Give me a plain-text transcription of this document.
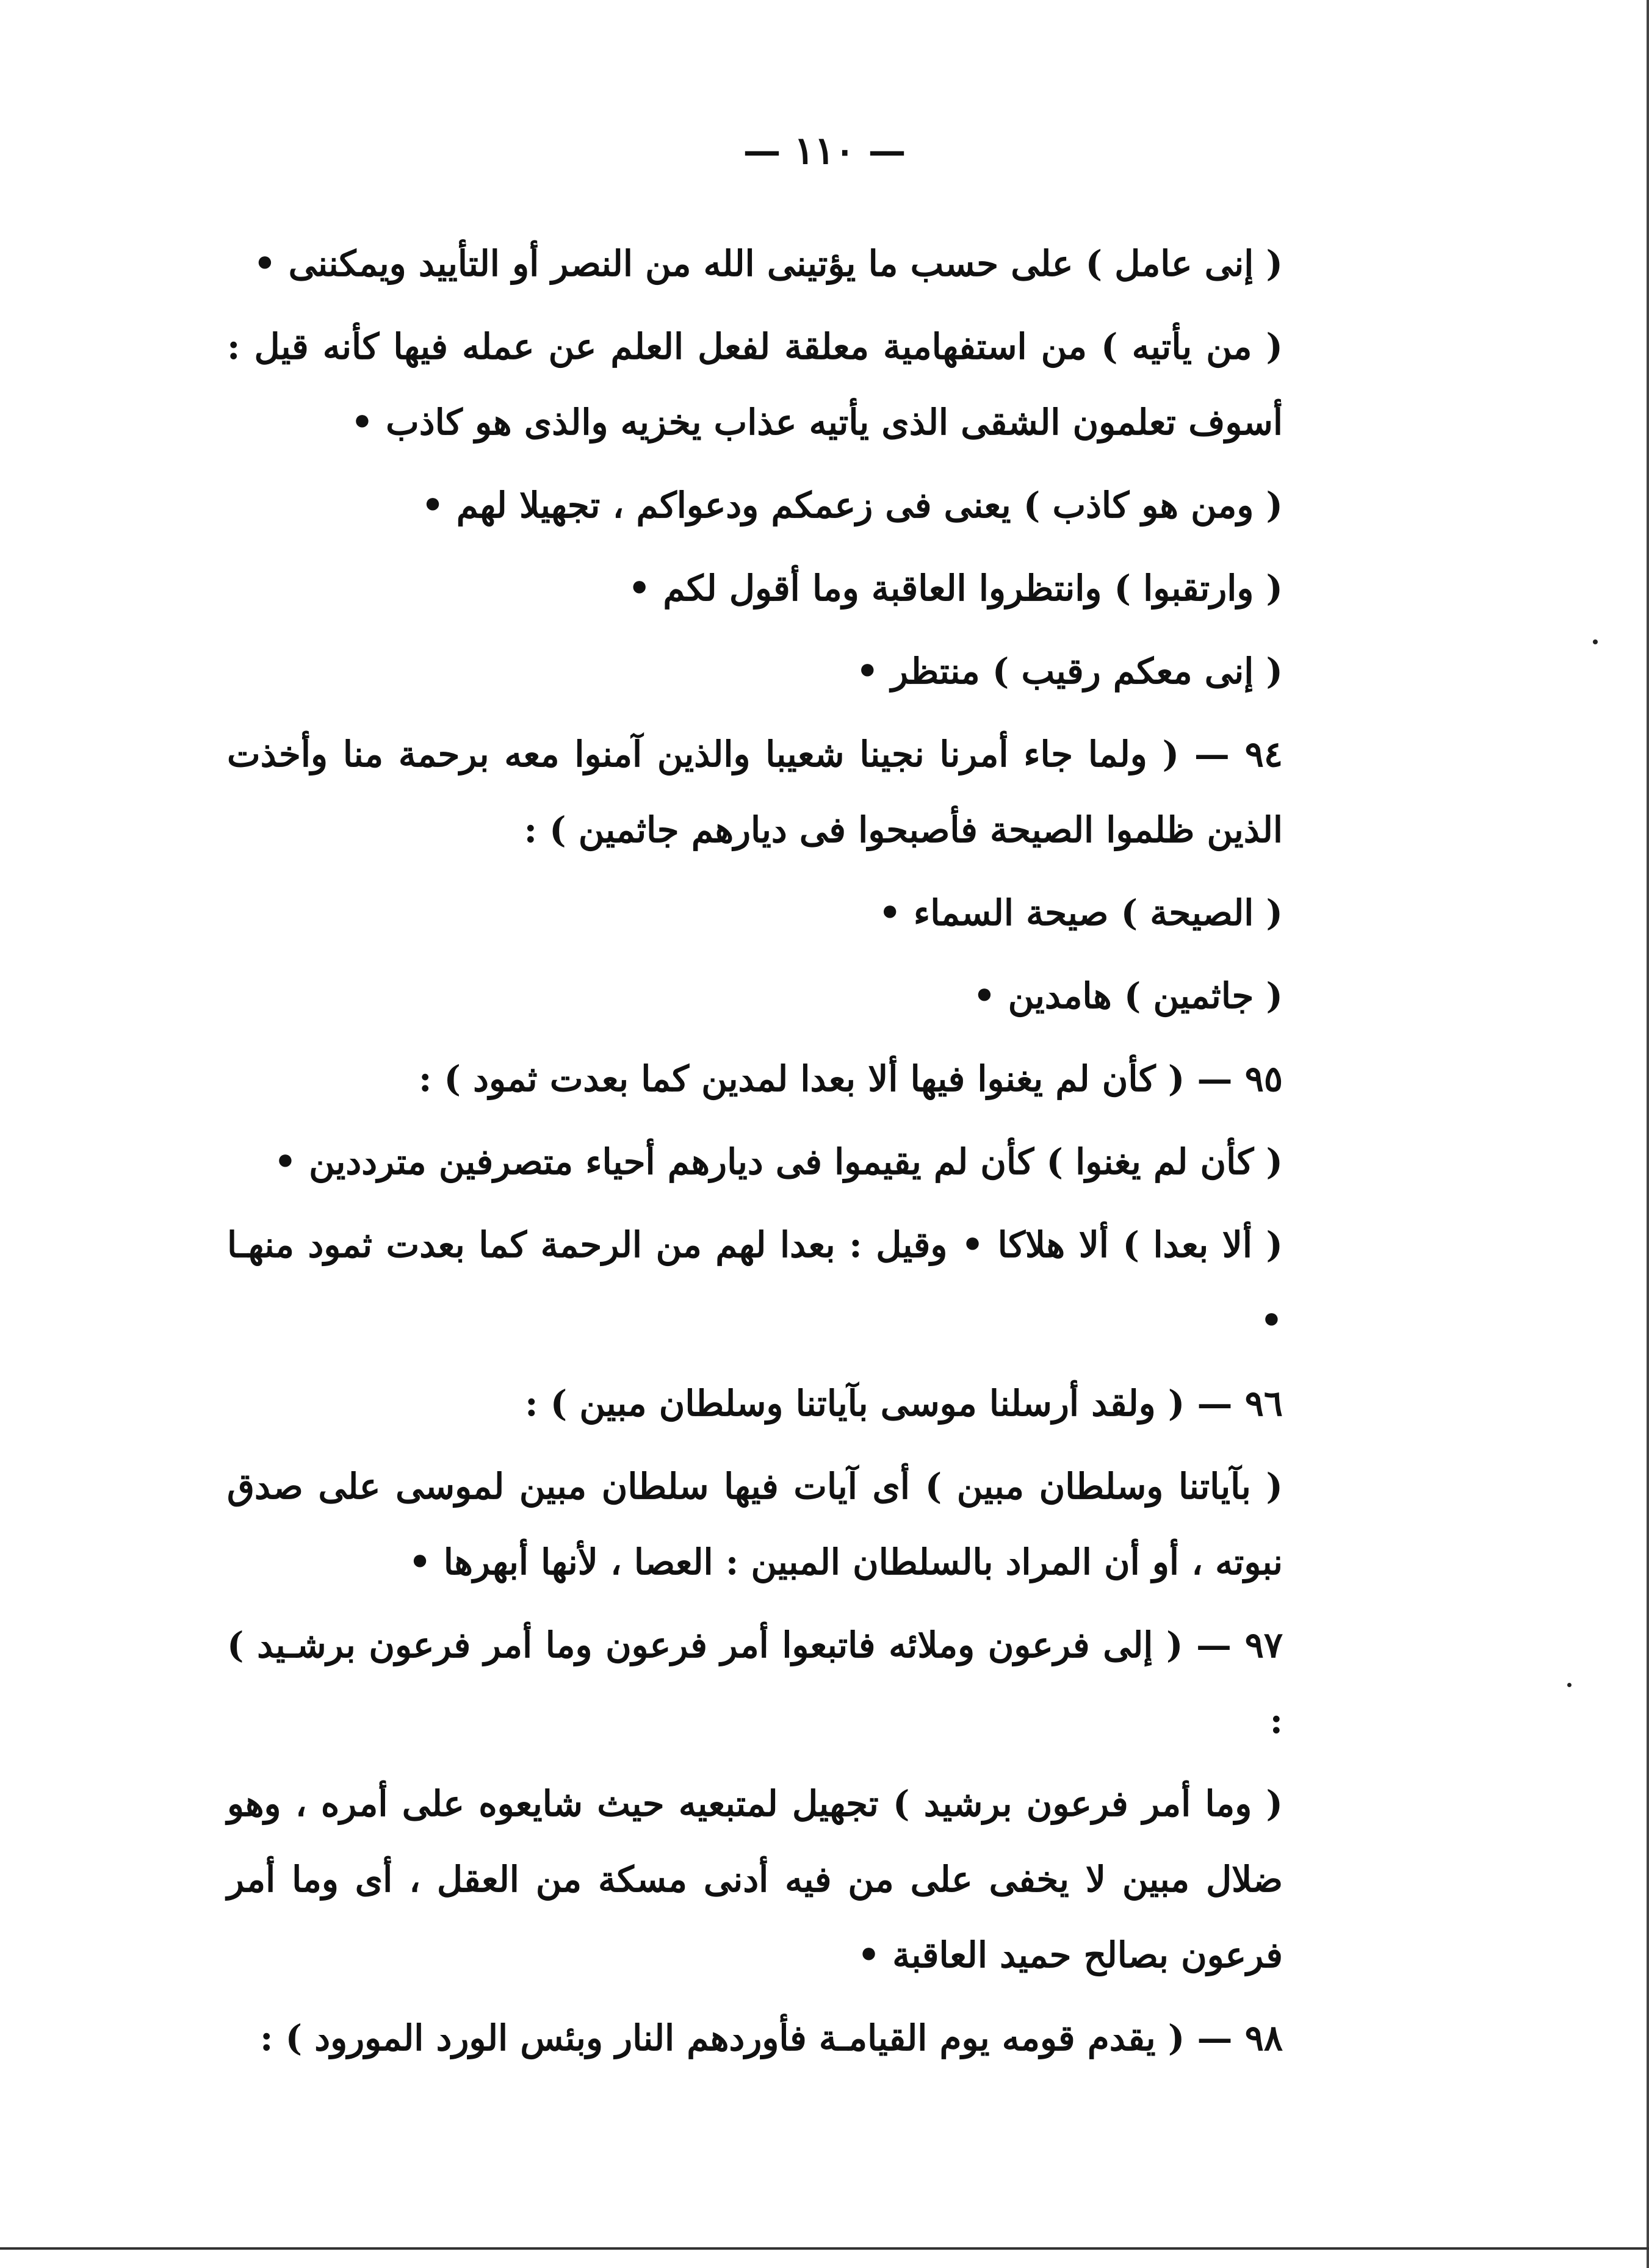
— ١١٠ —

( إنى عامل ) على حسب ما يؤتينى الله من النصر أو التأييد ويمكننى •

( من يأتيه ) من استفهامية معلقة لفعل العلم عن عمله فيها كأنه قيل : أسوف تعلمون الشقى الذى يأتيه عذاب يخزيه والذى هو كاذب •

( ومن هو كاذب ) يعنى فى زعمكم ودعواكم ، تجهيلا لهم •

( وارتقبوا ) وانتظروا العاقبة وما أقول لكم •

( إنى معكم رقيب ) منتظر •

٩٤ — ( ولما جاء أمرنا نجينا شعيبا والذين آمنوا معه برحمة منا وأخذت الذين ظلموا الصيحة فأصبحوا فى ديارهم جاثمين ) :

( الصيحة ) صيحة السماء •

( جاثمين ) هامدين •

٩٥ — ( كأن لم يغنوا فيها ألا بعدا لمدين كما بعدت ثمود ) :

( كأن لم يغنوا ) كأن لم يقيموا فى ديارهم أحياء متصرفين مترددين •

( ألا بعدا ) ألا هلاكا • وقيل : بعدا لهم من الرحمة كما بعدت ثمود منهـا •

٩٦ — ( ولقد أرسلنا موسى بآياتنا وسلطان مبين ) :

( بآياتنا وسلطان مبين ) أى آيات فيها سلطان مبين لموسى على صدق نبوته ، أو أن المراد بالسلطان المبين : العصا ، لأنها أبهرها •

٩٧ — ( إلى فرعون وملائه فاتبعوا أمر فرعون وما أمر فرعون برشـيد ) :

( وما أمر فرعون برشيد ) تجهيل لمتبعيه حيث شايعوه على أمره ، وهو ضلال مبين لا يخفى على من فيه أدنى مسكة من العقل ، أى وما أمر فرعون بصالح حميد العاقبة •

٩٨ — ( يقدم قومه يوم القيامـة فأوردهم النار وبئس الورد المورود ) :
